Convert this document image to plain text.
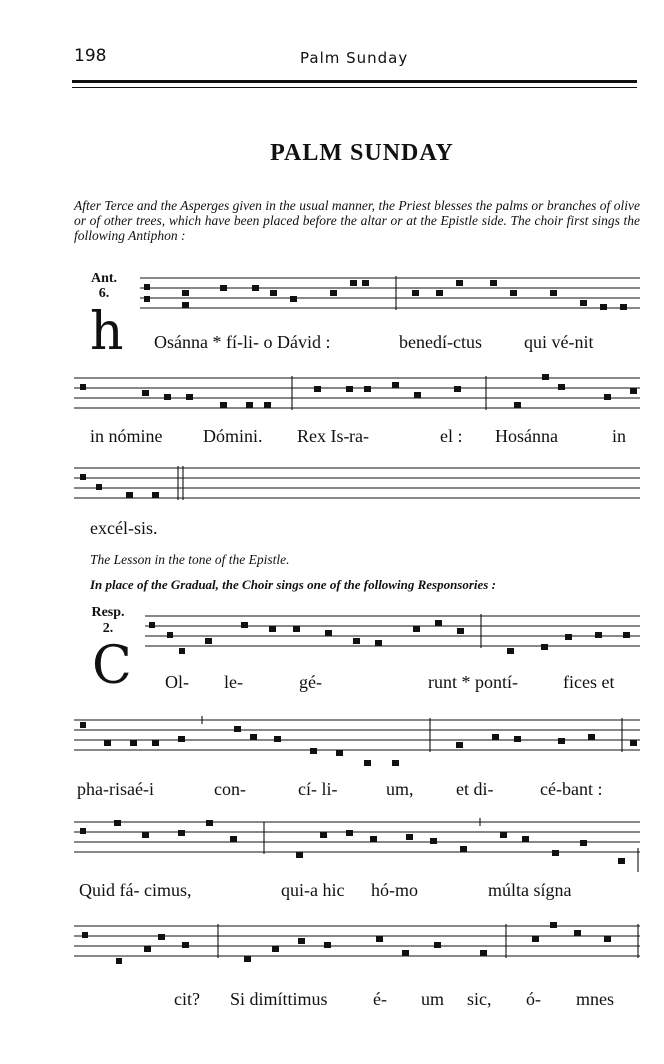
198	Palm Sunday
PALM SUNDAY
After Terce and the Asperges given in the usual manner, the Priest blesses the palms or branches of olive or of other trees, which have been placed before the altar or at the Epistle side. The choir first sings the following Antiphon :
Ant.
6.
h Osánna * fí-li- o Dávid :	benedí-ctus qui vé-nit
in nómine Dómini. Rex Is- ra-	el : Hosánna	in
excél-sis.
The Lesson in the tone of the Epistle.
In place of the Gradual, the Choir sings one of the following Responsories :
Resp.
2.
C Ol- le-	gé-	runt * pontí-	fices et
pha-risaé-i	con-	cí- li-	um, et di-	cé-bant :
Quid fá- cimus,	qui-a hic hó-mo	múlta sígna
cit? Si dimíttimus	é- um sic, ó- mnes
